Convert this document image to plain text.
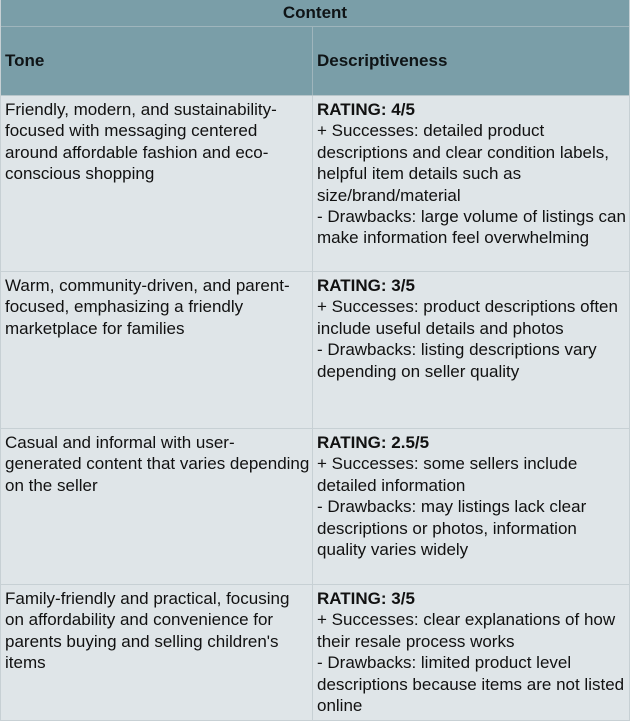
Content
Tone	Descriptiveness
Friendly, modern, and sustainability-focused with messaging centered around affordable fashion and eco-conscious shopping
RATING: 4/5
+ Successes: detailed product descriptions and clear condition labels, helpful item details such as size/brand/material
- Drawbacks: large volume of listings can make information feel overwhelming
Warm, community-driven, and parent-focused, emphasizing a friendly marketplace for families
RATING: 3/5
+ Successes: product descriptions often include useful details and photos
- Drawbacks: listing descriptions vary depending on seller quality
Casual and informal with user-generated content that varies depending on the seller
RATING: 2.5/5
+ Successes: some sellers include detailed information
- Drawbacks: may listings lack clear descriptions or photos, information quality varies widely
Family-friendly and practical, focusing on affordability and convenience for parents buying and selling children's items
RATING: 3/5
+ Successes: clear explanations of how their resale process works
- Drawbacks: limited product level descriptions because items are not listed online
